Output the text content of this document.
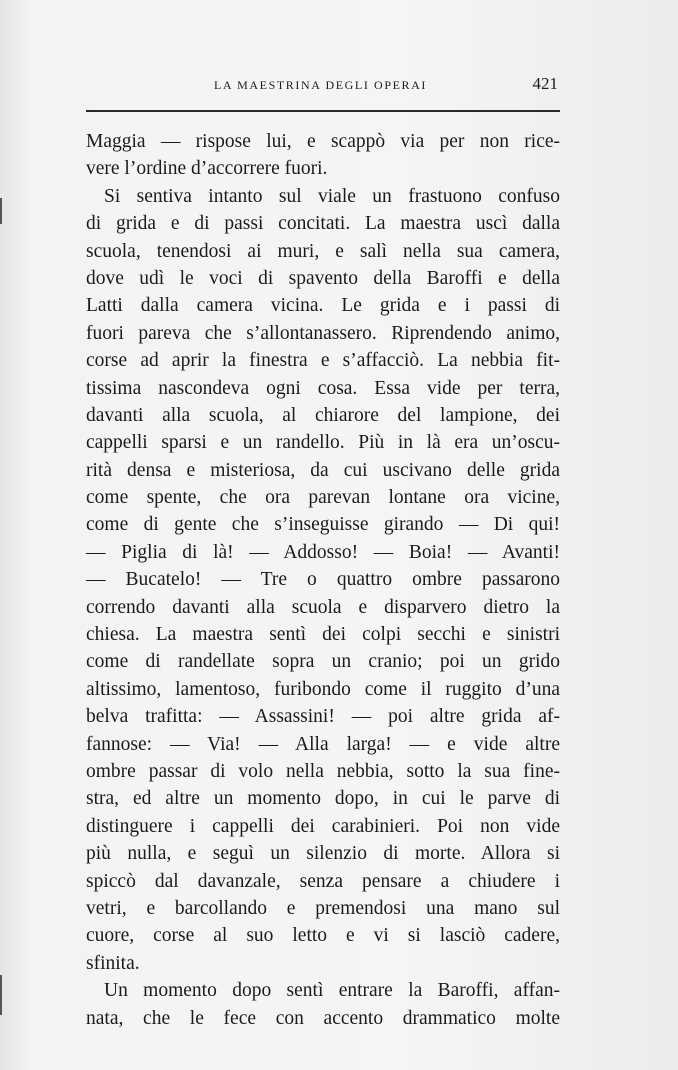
LA MAESTRINA DEGLI OPERAI	421
Maggia — rispose lui, e scappò via per non rice-
vere l’ordine d’accorrere fuori.
Si sentiva intanto sul viale un frastuono confuso
di grida e di passi concitati. La maestra uscì dalla
scuola, tenendosi ai muri, e salì nella sua camera,
dove udì le voci di spavento della Baroffi e della
Latti dalla camera vicina. Le grida e i passi di
fuori pareva che s’allontanassero. Riprendendo animo,
corse ad aprir la finestra e s’affacciò. La nebbia fit-
tissima nascondeva ogni cosa. Essa vide per terra,
davanti alla scuola, al chiarore del lampione, dei
cappelli sparsi e un randello. Più in là era un’oscu-
rità densa e misteriosa, da cui uscivano delle grida
come spente, che ora parevan lontane ora vicine,
come di gente che s’inseguisse girando — Di qui!
— Piglia di là! — Addosso! — Boia! — Avanti!
— Bucatelo! — Tre o quattro ombre passarono
correndo davanti alla scuola e disparvero dietro la
chiesa. La maestra sentì dei colpi secchi e sinistri
come di randellate sopra un cranio; poi un grido
altissimo, lamentoso, furibondo come il ruggito d’una
belva trafitta: — Assassini! — poi altre grida af-
fannose: — Via! — Alla larga! — e vide altre
ombre passar di volo nella nebbia, sotto la sua fine-
stra, ed altre un momento dopo, in cui le parve di
distinguere i cappelli dei carabinieri. Poi non vide
più nulla, e seguì un silenzio di morte. Allora si
spiccò dal davanzale, senza pensare a chiudere i
vetri, e barcollando e premendosi una mano sul
cuore, corse al suo letto e vi si lasciò cadere,
sfinita.
Un momento dopo sentì entrare la Baroffi, affan-
nata, che le fece con accento drammatico molte
